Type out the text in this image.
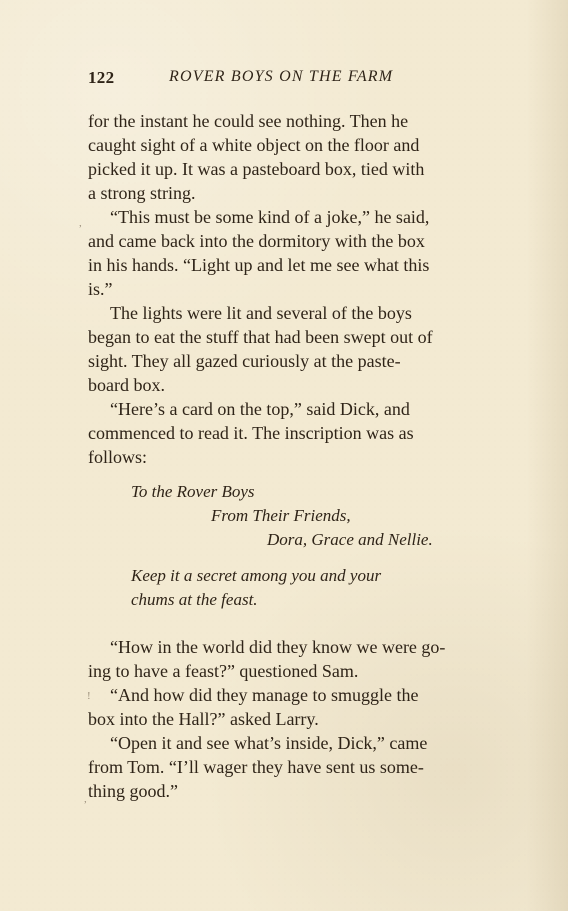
122	ROVER BOYS ON THE FARM
for the instant he could see nothing. Then he
caught sight of a white object on the floor and
picked it up. It was a pasteboard box, tied with
a strong string.
“This must be some kind of a joke,” he said,
and came back into the dormitory with the box
in his hands. “Light up and let me see what this
is.”
The lights were lit and several of the boys
began to eat the stuff that had been swept out of
sight. They all gazed curiously at the paste-
board box.
“Here’s a card on the top,” said Dick, and
commenced to read it. The inscription was as
follows:
To the Rover Boys
From Their Friends,
Dora, Grace and Nellie.
Keep it a secret among you and your
chums at the feast.
“How in the world did they know we were go-
ing to have a feast?” questioned Sam.
“And how did they manage to smuggle the
box into the Hall?” asked Larry.
“Open it and see what’s inside, Dick,” came
from Tom. “I’ll wager they have sent us some-
thing good.”
,
!
,
